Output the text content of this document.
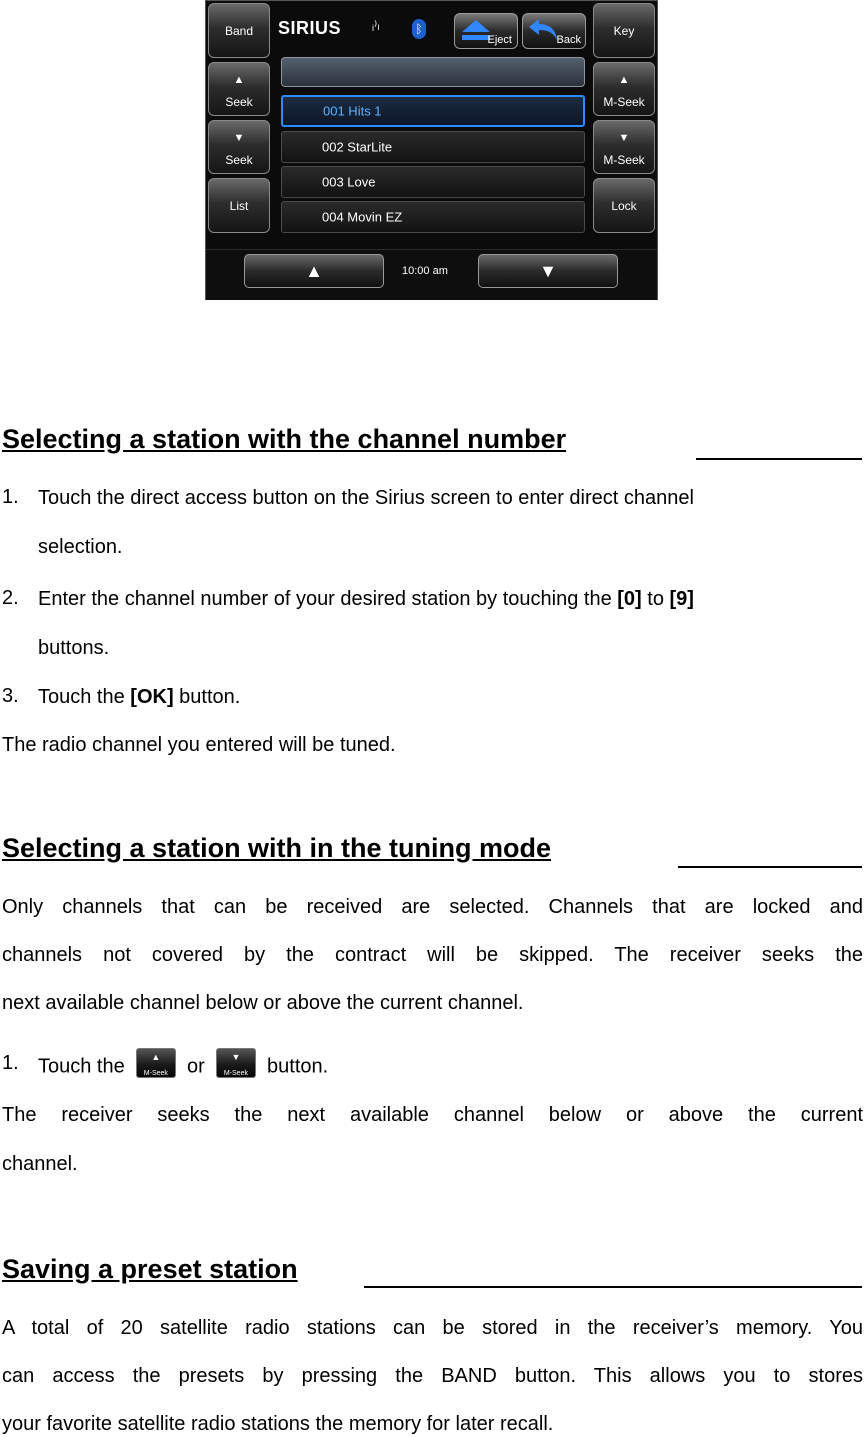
Band
▲
Seek
▼
Seek
List
Key
▲
M-Seek
▼
M-Seek
Lock
SIRIUS ᵢ⁾ₗ	ᛒ
Eject	Back
001 Hits 1
002 StarLite
003 Love
004 Movin EZ
▲	10:00 am	▼
Selecting a station with the channel number
1. Touch the direct access button on the Sirius screen to enter direct channel
selection.
2. Enter the channel number of your desired station by touching the [0] to [9]
buttons.
3. Touch the [OK] button.
The radio channel you entered will be tuned.
Selecting a station with in the tuning mode
Only channels that can be received are selected. Channels that are locked and
channels not covered by the contract will be skipped. The receiver seeks the
next available channel below or above the current channel.
1. Touch the	▲
M-Seek or	▼
M-Seek button.
The receiver seeks the next available channel below or above the current
channel.
Saving a preset station
A total of 20 satellite radio stations can be stored in the receiver’s memory. You
can access the presets by pressing the BAND button. This allows you to stores
your favorite satellite radio stations the memory for later recall.
